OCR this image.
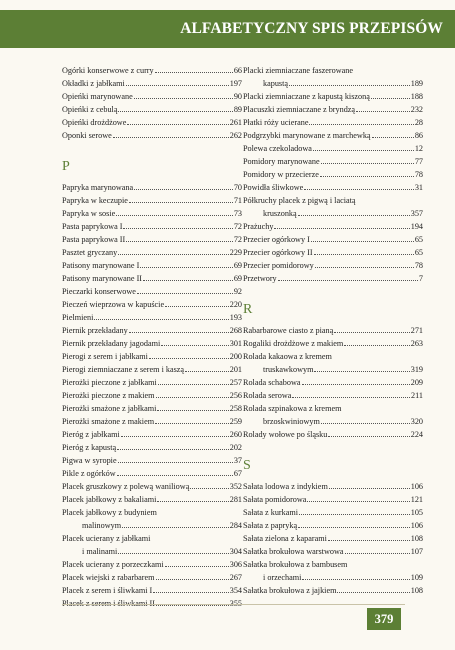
ALFABETYCZNY SPIS PRZEPISÓW
Ogórki konserwowe z curry	66
Okładki z jabłkami	197
Opieńki marynowane	90
Opieńki z cebulą	89
Opieńki drożdżowe	261
Oponki serowe	262
P
Papryka marynowana	70
Papryka w keczupie	71
Papryka w sosie	73
Pasta paprykowa I	72
Pasta paprykowa II	72
Pasztet gryczany	229
Patisony marynowane I	69
Patisony marynowane II	69
Pieczarki konserwowe	92
Pieczeń wieprzowa w kapuście	220
Pielmieni	193
Piernik przekładany	268
Piernik przekładany jagodami	301
Pierogi z serem i jabłkami	200
Pierogi ziemniaczane z serem i kaszą	201
Pierożki pieczone z jabłkami	257
Pierożki pieczone z makiem	256
Pierożki smażone z jabłkami	258
Pierożki smażone z makiem	259
Pieróg z jabłkami	260
Pieróg z kapustą	202
Pigwa w syropie	37
Pikle z ogórków	67
Placek gruszkowy z polewą waniliową	352
Placek jabłkowy z bakaliami	281
Placek jabłkowy z budyniem
malinowym	284
Placek ucierany z jabłkami
i malinami	304
Placek ucierany z porzeczkami	306
Placek wiejski z rabarbarem	267
Placek z serem i śliwkami I	354
Placek z serem i śliwkami II	355
Placki ziemniaczane faszerowane
kapustą	189
Placki ziemniaczane z kapustą kiszoną	188
Placuszki ziemniaczane z bryndzą	232
Płatki róży ucierane	28
Podgrzybki marynowane z marchewką	86
Polewa czekoladowa	12
Pomidory marynowane	77
Pomidory w przecierze	78
Powidła śliwkowe	31
Półkruchy placek z pigwą i laciatą
kruszonką	357
Prażuchy	194
Przecier ogórkowy I	65
Przecier ogórkowy II	65
Przecier pomidorowy	78
Przetwory	7
R
Rabarbarowe ciasto z pianą	271
Rogaliki drożdżowe z makiem	263
Rolada kakaowa z kremem
truskawkowym	319
Rolada schabowa	209
Rolada serowa	211
Rolada szpinakowa z kremem
brzoskwiniowym	320
Rolady wołowe po śląsku	224
S
Sałata lodowa z indykiem	106
Sałata pomidorowa	121
Sałata z kurkami	105
Sałata z papryką	106
Sałata zielona z kaparami	108
Sałatka brokułowa warstwowa	107
Sałatka brokułowa z bambusem
i orzechami	109
Sałatka brokułowa z jajkiem	108
379
